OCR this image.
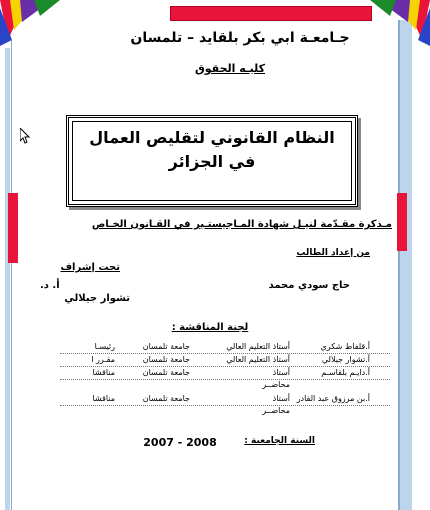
جـامعـة ابي بكر بلقايد – تلمسان
كليـه الحقوق
النظام القانوني لتقليص العمال
في الجزائر
مـذكرة مقـدّمة لنيـل شهادة المـاجيستـير في القـانون الخـاص
من إعداد الطالب
حاج سودي محمد
تحت إشراف
أ. د.
تشوار جيلالي
لجنة المناقشة :
أ.قلفاط شكري
أستاذ التعليم العالي
جامعة تلمسان
رئيسـا
أ.تشوار جيلالي
أستاذ التعليم العالي
جامعة تلمسان
مقـرر ا
أ.دايـم بلقاسـم
أستاذ
جامعة تلمسان
مناقشا
محاضــر
أ.بن مرزوق عبد القادر
أستاذ
جامعة تلمسان
مناقشا
محاضــر
2007 - 2008	السنة الجامعية :
